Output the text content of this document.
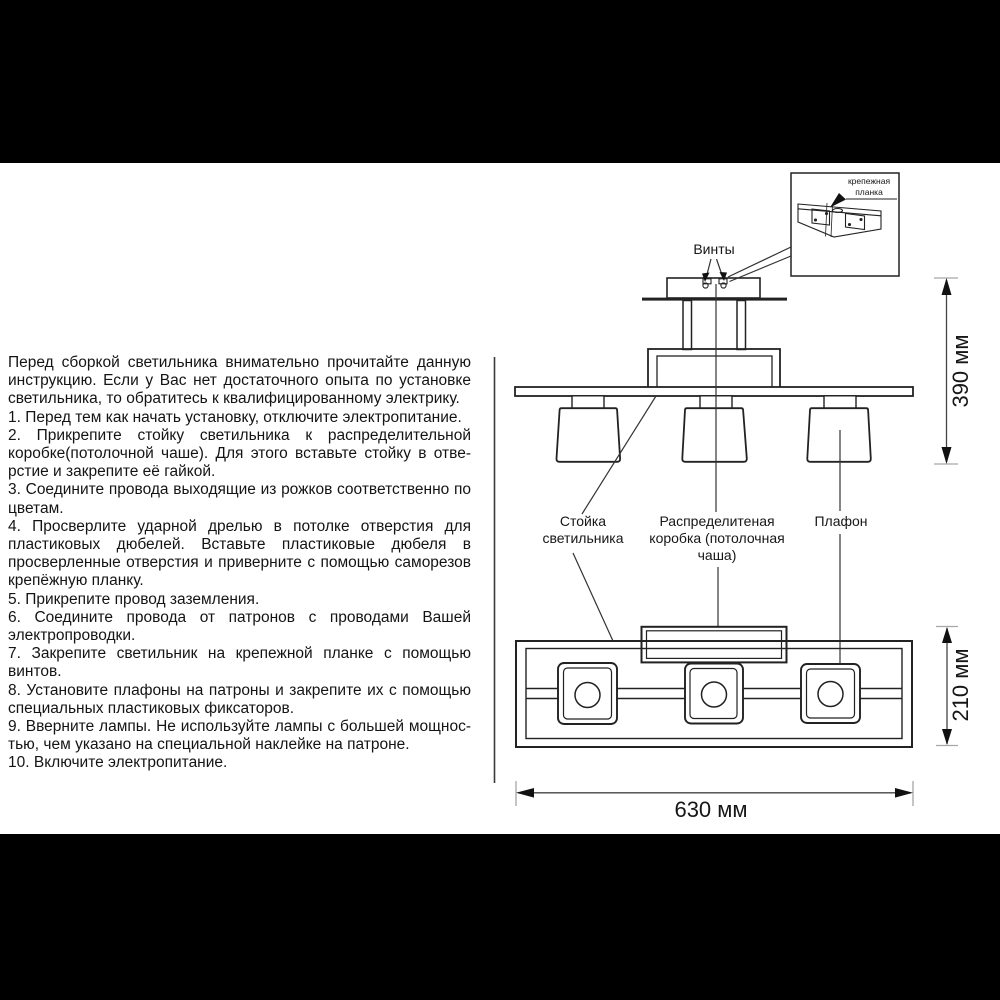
Перед сборкой светильника внимательно прочитайте данную инструкцию. Если у Вас нет достаточного опыта по установке светильника, то обратитесь к квалифицированному электрику.

1. Перед тем как начать установку, отключите электропитание.

2. Прикрепите стойку светильника к распределительной коробке(потолочной чаше). Для этого вставьте стойку в отве-рстие и закрепите её гайкой.

3. Соедините провода выходящие из рожков соответственно по цветам.

4. Просверлите ударной дрелью в потолке отверстия для пластиковых дюбелей. Вставьте пластиковые дюбеля в просверленные отверстия и приверните с помощью саморезов крепёжную планку.

5. Прикрепите провод заземления.

6. Соедините провода от патронов с проводами Вашей электропроводки.

7. Закрепите светильник на крепежной планке с помощью винтов.

8. Установите плафоны на патроны и закрепите их с помощью специальных пластиковых фиксаторов.

9. Вверните лампы. Не используйте лампы с большей мощнос-тью, чем указано на специальной наклейке на патроне.

10. Включите электропитание.

Винты
Стойка светильника
Распределитеная коробка (потолочная чаша)
Плафон
крепежная планка
390 мм
210 мм
630 мм
